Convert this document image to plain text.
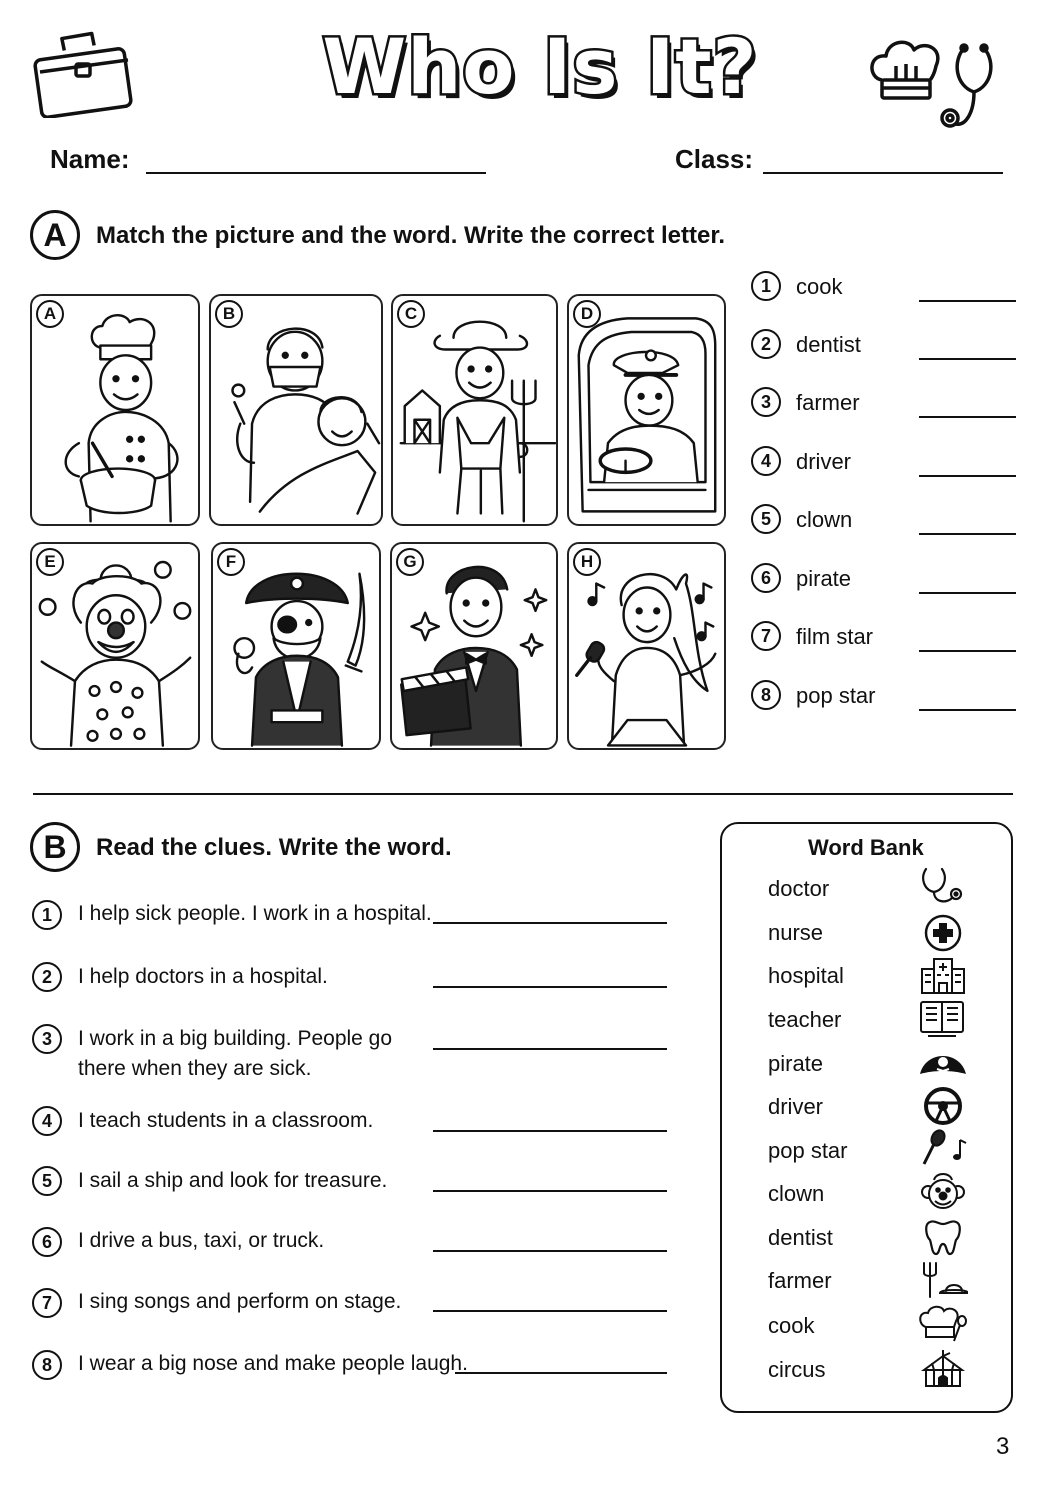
Who Is It?
Name:	Class:
A	Match the picture and the word. Write the correct letter.
A	B	C	D
E	F	G	H
1	cook
2	dentist
3	farmer
4	driver
5	clown
6	pirate
7	film star
8	pop star
B	Read the clues. Write the word.
1	I help sick people. I work in a hospital.
2	I help doctors in a hospital.
3	I work in a big building. People go
there when they are sick.
4	I teach students in a classroom.
5	I sail a ship and look for treasure.
6	I drive a bus, taxi, or truck.
7	I sing songs and perform on stage.
8	I wear a big nose and make people laugh.
Word Bank
doctor
nurse
hospital
teacher
pirate
driver
pop star
clown
dentist
farmer
cook
circus
3
